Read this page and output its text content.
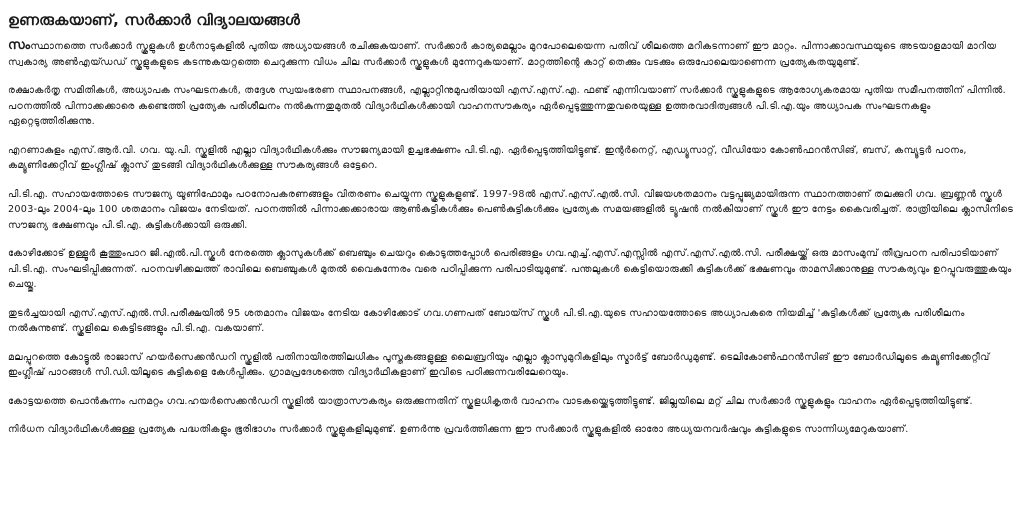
ഉണരുകയാണ്, സർക്കാർ വിദ്യാലയങ്ങൾ

സംസ്ഥാനത്തെ സർക്കാർ സ്കൂളുകൾ ഉൾനാടുകളിൽ പുതിയ അധ്യായങ്ങൾ രചിക്കുകയാണ്. സർക്കാർ കാര്യമെല്ലാം മുറപോലെയെന്ന പതിവ് ശീലത്തെ മറികടന്നാണ് ഈ മാറ്റം. പിന്നാക്കാവസ്ഥയുടെ അടയാളമായി മാറിയ സ്വകാര്യ അൺഎയ്ഡഡ് സ്കൂളുകളുടെ കടന്നുകയറ്റത്തെ ചെറുക്കുന്ന വിധം ചില സർക്കാർ സ്കൂളുകൾ മുന്നേറുകയാണ്. മാറ്റത്തിന്റെ കാറ്റ് തെക്കും വടക്കും ഒരുപോലെയാണെന്ന പ്രത്യേകതയുമുണ്ട്.

രക്ഷാകർതൃ സമിതികൾ, അധ്യാപക സംഘടനകൾ, തദ്ദേശ സ്വയംഭരണ സ്ഥാപനങ്ങൾ, എല്ലാറ്റിനുമുപരിയായി എസ്.എസ്.എ. ഫണ്ട് എന്നിവയാണ് സർക്കാർ സ്കൂളുകളുടെ ആരോഗ്യകരമായ പുതിയ സമീപനത്തിന് പിന്നിൽ. പഠനത്തിൽ പിന്നാക്കക്കാരെ കണ്ടെത്തി പ്രത്യേക പരിശീലനം നൽകുന്നതുമുതൽ വിദ്യാർഥികൾക്കായി വാഹനസൗകര്യം ഏർപ്പെടുത്തുന്നതുവരെയുള്ള ഉത്തരവാദിത്വങ്ങൾ പി.ടി.എ.യും അധ്യാപക സംഘടനകളും ഏറ്റെടുത്തിരിക്കുന്നു.

എറണാകുളം എസ്.ആർ.വി. ഗവ. യു.പി. സ്കൂളിൽ എല്ലാ വിദ്യാർഥികൾക്കും സൗജന്യമായി ഉച്ചഭക്ഷണം പി.ടി.എ. ഏർപ്പെടുത്തിയിട്ടുണ്ട്. ഇന്റർനെറ്റ്, എഡ്യൂസാറ്റ്, വീഡിയോ കോൺഫറൻസിങ്, ബസ്, കമ്പ്യൂട്ടർ പഠനം, കമ്യൂണിക്കേറ്റീവ് ഇംഗ്ലീഷ് ക്ലാസ് തുടങ്ങി വിദ്യാർഥികൾക്കുള്ള സൗകര്യങ്ങൾ ഒട്ടേറെ.

പി.ടി.എ. സഹായത്തോടെ സൗജന്യ യൂണിഫോമും പഠനോപകരണങ്ങളും വിതരണം ചെയ്യുന്ന സ്കൂളുകളുണ്ട്. 1997-98ൽ എസ്.എസ്.എൽ.സി. വിജയശതമാനം വട്ടപ്പൂജ്യമായിരുന്ന സ്ഥാനത്താണ് തലക്കുറി ഗവ. ബ്രണ്ണൻ സ്കൂൾ 2003-ലും 2004-ലും 100 ശതമാനം വിജയം നേടിയത്. പഠനത്തിൽ പിന്നാക്കക്കാരായ ആൺകുട്ടികൾക്കും പെൺകുട്ടികൾക്കും പ്രത്യേക സമയങ്ങളിൽ ട്യൂഷൻ നൽകിയാണ് സ്കൂൾ ഈ നേട്ടം കൈവരിച്ചത്. രാത്രിയിലെ ക്ലാസിനിടെ സൗജന്യ ഭക്ഷണവും പി.ടി.എ. കുട്ടികൾക്കായി ഒരുക്കി.

കോഴിക്കോട് ഉള്ളൂർ കൂത്തുംപാറ ജി.എൽ.പി.സ്കൂൾ നേരത്തെ ക്ലാസുകൾക്ക് ബെഞ്ചും ചെയറും കൊടുത്തപ്പോൾ പെരിങ്ങളം ഗവ.എച്ച്.എസ്.എസ്സിൽ എസ്.എസ്.എൽ.സി. പരീക്ഷയ്ക്ക് ഒരു മാസംമുമ്പ് തീവ്രപഠന പരിപാടിയാണ് പി.ടി.എ. സംഘടിപ്പിക്കുന്നത്. പഠനവഴിക്കലത്ത് രാവിലെ ബെഞ്ചുകൾ മുതൽ വൈകുന്നേരം വരെ പഠിപ്പിക്കുന്ന പരിപാടിയുമുണ്ട്. പന്തലുകൾ കെട്ടിയൊരുക്കി കുട്ടികൾക്ക് ഭക്ഷണവും താമസിക്കാനുള്ള സൗകര്യവും ഉറപ്പുവരുത്തുകയും ചെയ്തു.

തുടർച്ചയായി എസ്.എസ്.എൽ.സി.പരീക്ഷയിൽ 95 ശതമാനം വിജയം നേടിയ കോഴിക്കോട് ഗവ.ഗണപത് ബോയ്സ് സ്കൂൾ പി.ടി.എ.യുടെ സഹായത്തോടെ അധ്യാപകരെ നിയമിച്ച് 'കുട്ടികൾക്ക് പ്രത്യേക പരിശീലനം നൽകുന്നുണ്ട്. സ്കൂളിലെ കെട്ടിടങ്ങളും പി.ടി.എ. വകയാണ്.

മലപ്പുറത്തെ കോട്ടൂൽ രാജാസ് ഹയർസെക്കൻഡറി സ്കൂളിൽ പതിനായിരത്തിലധികം പുസ്തകങ്ങളുള്ള ലൈബ്രറിയും എല്ലാ ക്ലാസുമുറികളിലും സ്മാർട്ട് ബോർഡുമുണ്ട്. ടെലികോൺഫറൻസിങ് ഈ ബോർഡിലൂടെ കമ്യൂണിക്കേറ്റീവ് ഇംഗ്ലീഷ് പാഠങ്ങൾ സി.ഡി.യിലൂടെ കുട്ടികളെ കേൾപ്പിക്കും. ഗ്രാമപ്രദേശത്തെ വിദ്യാർഥികളാണ് ഇവിടെ പഠിക്കുന്നവരിലേറെയും.

കോട്ടയത്തെ പൊൻകുന്നം പനമറ്റം ഗവ.ഹയർസെക്കൻഡറി സ്കൂളിൽ യാത്രാസൗകര്യം ഒരുക്കുന്നതിന് സ്കൂളധികൃതർ വാഹനം വാടകയ്ക്കെടുത്തിട്ടുണ്ട്. ജില്ലയിലെ മറ്റ് ചില സർക്കാർ സ്കൂളുകളും വാഹനം ഏർപ്പെടുത്തിയിട്ടുണ്ട്.

നിർധന വിദ്യാർഥികൾക്കുള്ള പ്രത്യേക പദ്ധതികളും ഭൂരിഭാഗം സർക്കാർ സ്കൂളുകളിലുമുണ്ട്. ഉണർന്നു പ്രവർത്തിക്കുന്ന ഈ സർക്കാർ സ്കൂളുകളിൽ ഓരോ അധ്യയനവർഷവും കുട്ടികളുടെ സാന്നിധ്യമേറുകയാണ്.
